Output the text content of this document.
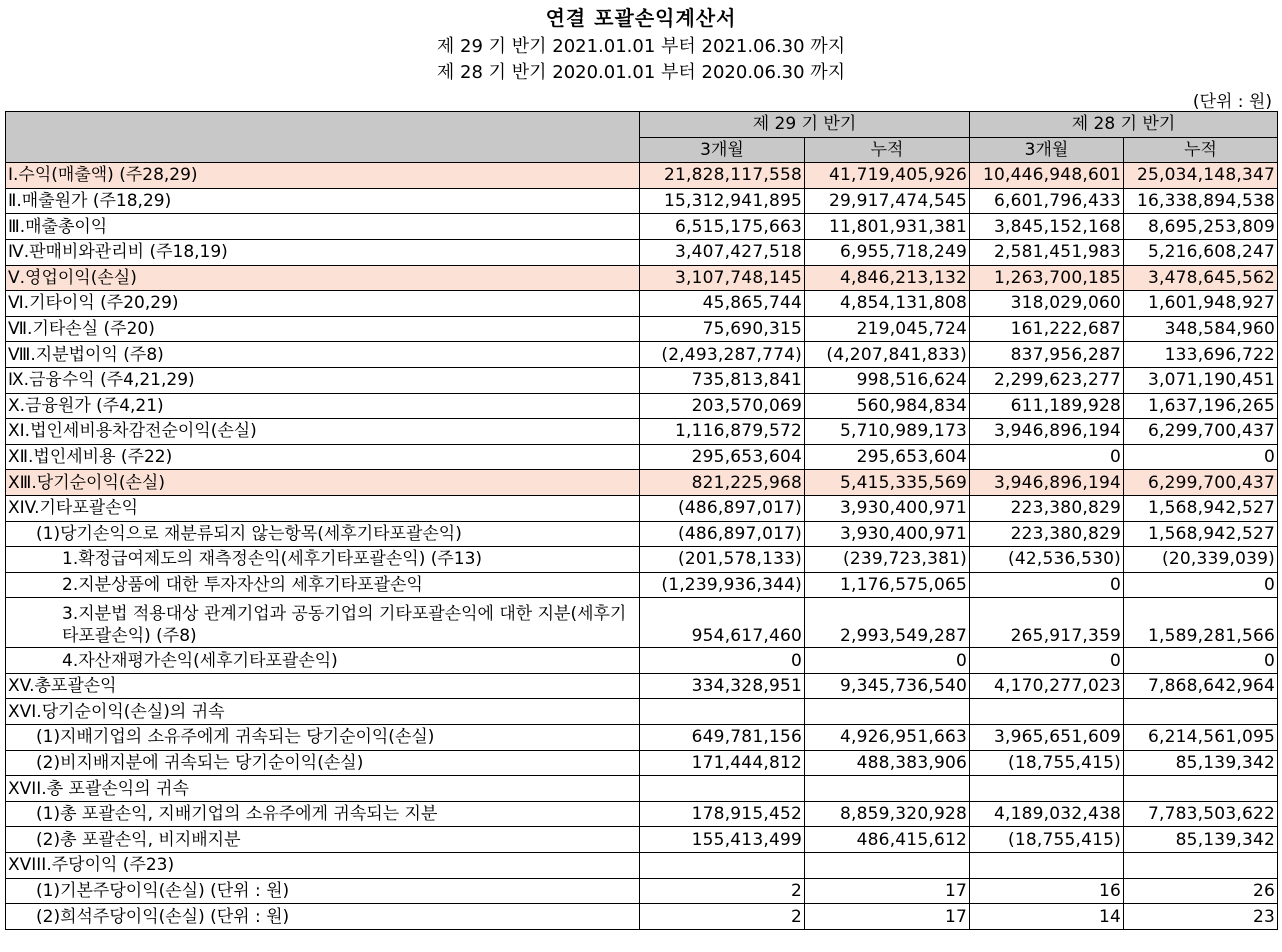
연결 포괄손익계산서
제 29 기 반기 2021.01.01 부터 2021.06.30 까지
제 28 기 반기 2020.01.01 부터 2020.06.30 까지
(단위 : 원)
	제 29 기 반기		제 28 기 반기	
	3개월	누적	3개월	누적
Ⅰ.수익(매출액) (주28,29)	21,828,117,558	41,719,405,926	10,446,948,601	25,034,148,347
Ⅱ.매출원가 (주18,29)	15,312,941,895	29,917,474,545	6,601,796,433	16,338,894,538
Ⅲ.매출총이익	6,515,175,663	11,801,931,381	3,845,152,168	8,695,253,809
Ⅳ.판매비와관리비 (주18,19)	3,407,427,518	6,955,718,249	2,581,451,983	5,216,608,247
Ⅴ.영업이익(손실)	3,107,748,145	4,846,213,132	1,263,700,185	3,478,645,562
Ⅵ.기타이익 (주20,29)	45,865,744	4,854,131,808	318,029,060	1,601,948,927
Ⅶ.기타손실 (주20)	75,690,315	219,045,724	161,222,687	348,584,960
Ⅷ.지분법이익 (주8)	(2,493,287,774)	(4,207,841,833)	837,956,287	133,696,722
Ⅸ.금융수익 (주4,21,29)	735,813,841	998,516,624	2,299,623,277	3,071,190,451
Ⅹ.금융원가 (주4,21)	203,570,069	560,984,834	611,189,928	1,637,196,265
XI.법인세비용차감전순이익(손실)	1,116,879,572	5,710,989,173	3,946,896,194	6,299,700,437
XⅡ.법인세비용 (주22)	295,653,604	295,653,604	0	0
XⅢ.당기순이익(손실)	821,225,968	5,415,335,569	3,946,896,194	6,299,700,437
XIV.기타포괄손익	(486,897,017)	3,930,400,971	223,380,829	1,568,942,527
(1)당기손익으로 재분류되지 않는항목(세후기타포괄손익)	(486,897,017)	3,930,400,971	223,380,829	1,568,942,527
1.확정급여제도의 재측정손익(세후기타포괄손익) (주13)	(201,578,133)	(239,723,381)	(42,536,530)	(20,339,039)
2.지분상품에 대한 투자자산의 세후기타포괄손익	(1,239,936,344)	1,176,575,065	0	0
3.지분법 적용대상 관계기업과 공동기업의 기타포괄손익에 대한 지분(세후기타포괄손익) (주8)	954,617,460	2,993,549,287	265,917,359	1,589,281,566
4.자산재평가손익(세후기타포괄손익)	0	0	0	0
XV.총포괄손익	334,328,951	9,345,736,540	4,170,277,023	7,868,642,964
XVI.당기순이익(손실)의 귀속				
(1)지배기업의 소유주에게 귀속되는 당기순이익(손실)	649,781,156	4,926,951,663	3,965,651,609	6,214,561,095
(2)비지배지분에 귀속되는 당기순이익(손실)	171,444,812	488,383,906	(18,755,415)	85,139,342
XVII.총 포괄손익의 귀속				
(1)총 포괄손익, 지배기업의 소유주에게 귀속되는 지분	178,915,452	8,859,320,928	4,189,032,438	7,783,503,622
(2)총 포괄손익, 비지배지분	155,413,499	486,415,612	(18,755,415)	85,139,342
XVIII.주당이익 (주23)				
(1)기본주당이익(손실) (단위 : 원)	2	17	16	26
(2)희석주당이익(손실) (단위 : 원)	2	17	14	23
